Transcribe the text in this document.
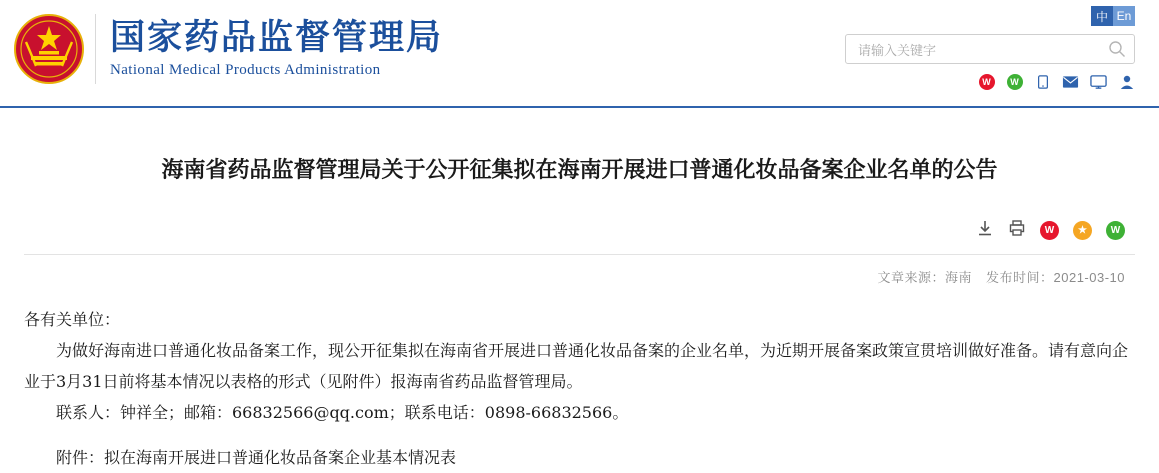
国家药品监督管理局
National Medical Products Administration
中 En
请输入关键字
W	W
海南省药品监督管理局关于公开征集拟在海南开展进口普通化妆品备案企业名单的公告
W	★	W
文章来源：海南 发布时间：2021-03-10

各有关单位：

为做好海南进口普通化妆品备案工作，现公开征集拟在海南省开展进口普通化妆品备案的企业名单，为近期开展备案政策宣贯培训做好准备。请有意向企业于3月31日前将基本情况以表格的形式（见附件）报海南省药品监督管理局。

联系人：钟祥全；邮箱：66832566@qq.com；联系电话：0898-66832566。

附件：拟在海南开展进口普通化妆品备案企业基本情况表
